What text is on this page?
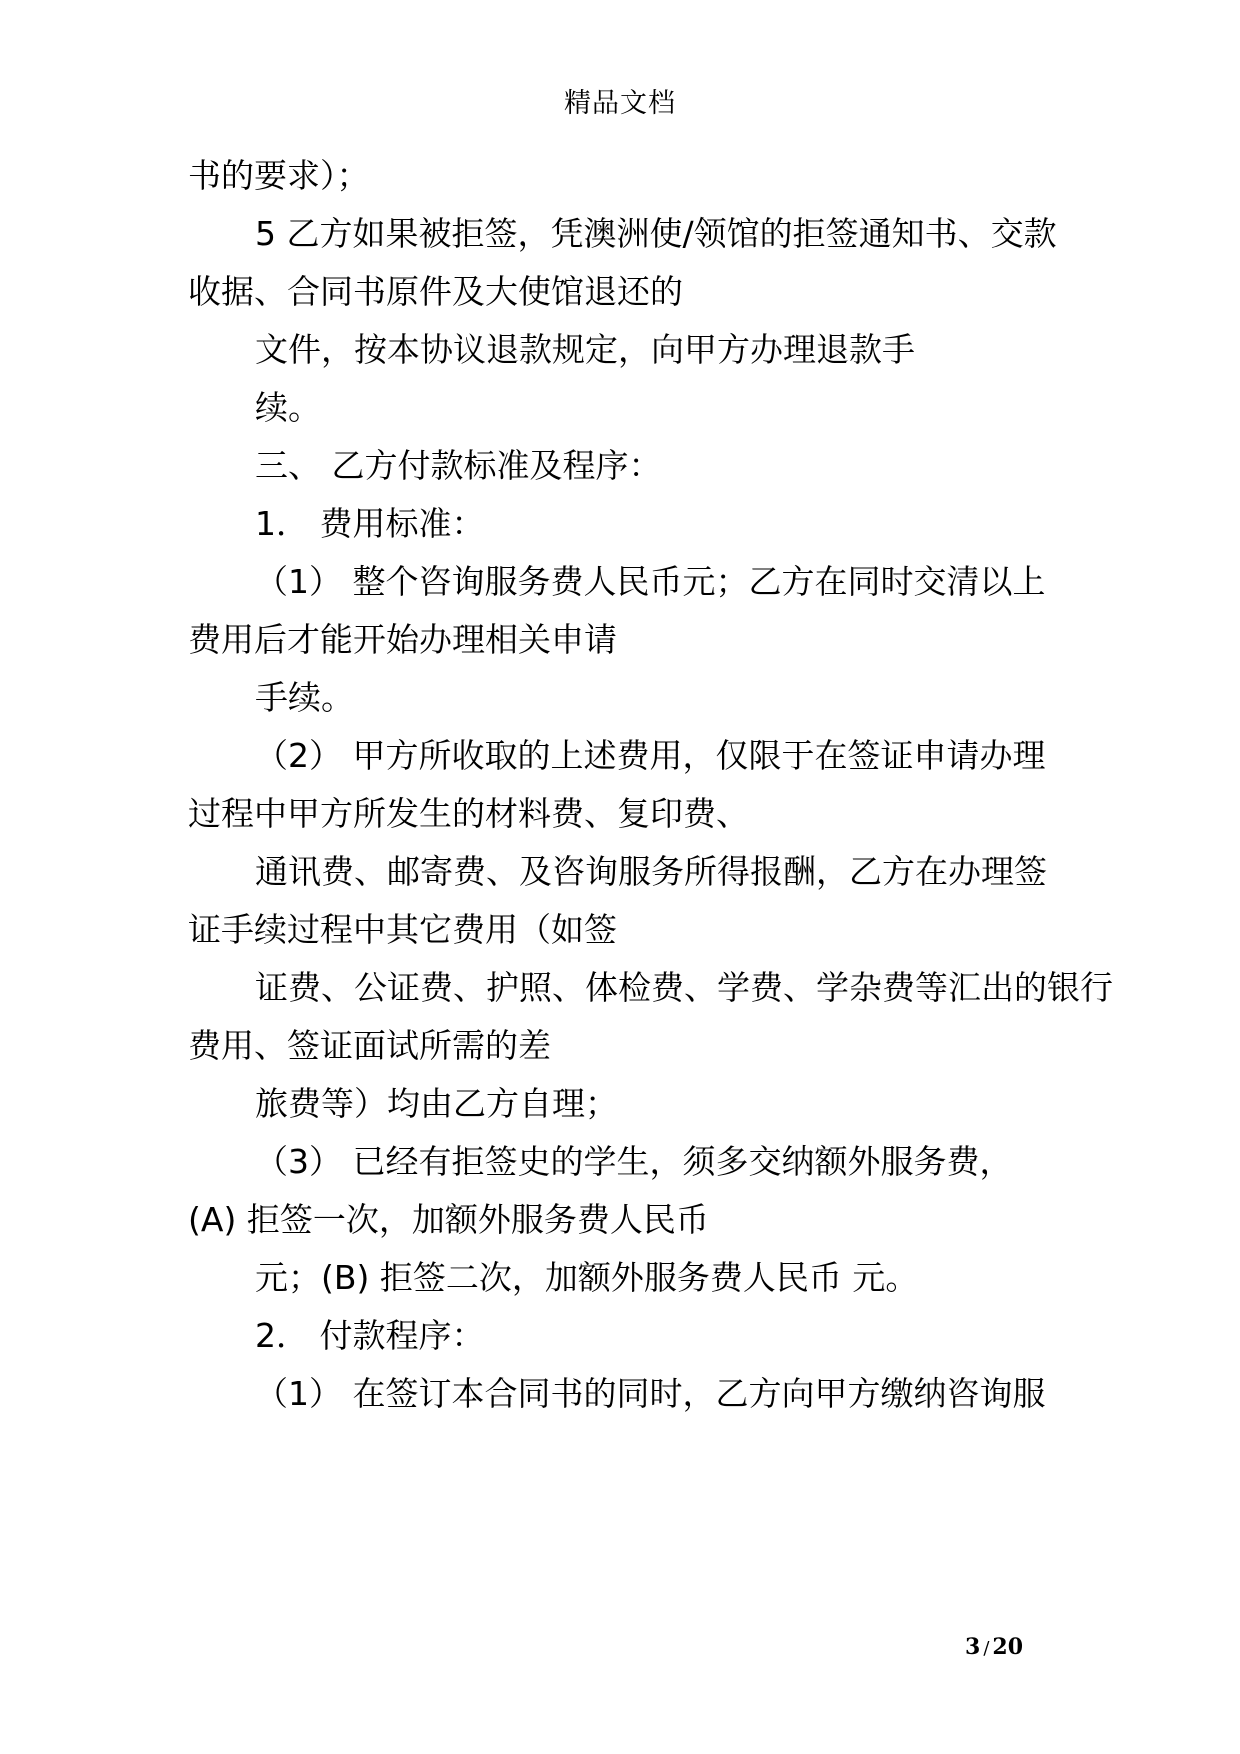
精品文档
书的要求）；
5 乙方如果被拒签，凭澳洲使/领馆的拒签通知书、交款
收据、合同书原件及大使馆退还的
文件，按本协议退款规定，向甲方办理退款手
续。
三、 乙方付款标准及程序：
1． 费用标准：
（1） 整个咨询服务费人民币元；乙方在同时交清以上
费用后才能开始办理相关申请
手续。
（2） 甲方所收取的上述费用，仅限于在签证申请办理
过程中甲方所发生的材料费、复印费、
通讯费、邮寄费、及咨询服务所得报酬，乙方在办理签
证手续过程中其它费用（如签
证费、公证费、护照、体检费、学费、学杂费等汇出的银行
费用、签证面试所需的差
旅费等）均由乙方自理；
（3） 已经有拒签史的学生，须多交纳额外服务费，
(A) 拒签一次，加额外服务费人民币
元；(B) 拒签二次，加额外服务费人民币 元。
2． 付款程序：
（1） 在签订本合同书的同时，乙方向甲方缴纳咨询服
3 / 20
